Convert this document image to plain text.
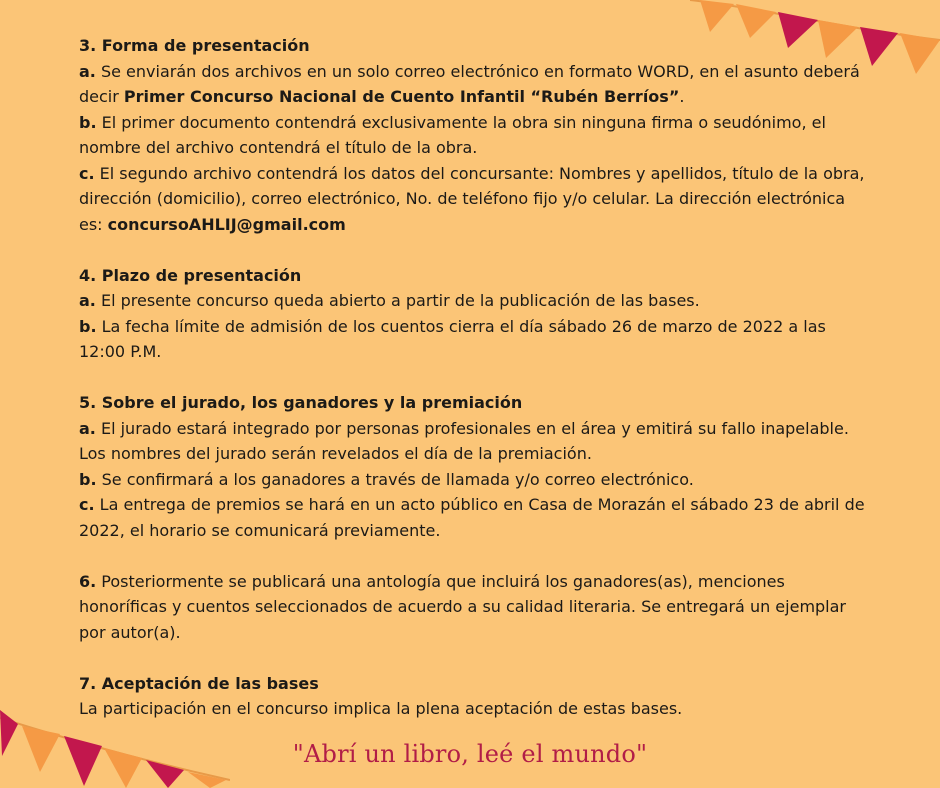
3. Forma de presentación

a. Se enviarán dos archivos en un solo correo electrónico en formato WORD, en el asunto deberá decir Primer Concurso Nacional de Cuento Infantil “Rubén Berríos”.

b. El primer documento contendrá exclusivamente la obra sin ninguna firma o seudónimo, el nombre del archivo contendrá el título de la obra.

c. El segundo archivo contendrá los datos del concursante: Nombres y apellidos, título de la obra, dirección (domicilio), correo electrónico, No. de teléfono fijo y/o celular. La dirección electrónica es: concursoAHLIJ@gmail.com

4. Plazo de presentación

a. El presente concurso queda abierto a partir de la publicación de las bases.

b. La fecha límite de admisión de los cuentos cierra el día sábado 26 de marzo de 2022 a las 12:00 P.M.

5. Sobre el jurado, los ganadores y la premiación

a. El jurado estará integrado por personas profesionales en el área y emitirá su fallo inapelable. Los nombres del jurado serán revelados el día de la premiación.

b. Se confirmará a los ganadores a través de llamada y/o correo electrónico.

c. La entrega de premios se hará en un acto público en Casa de Morazán el sábado 23 de abril de 2022, el horario se comunicará previamente.

6. Posteriormente se publicará una antología que incluirá los ganadores(as), menciones honoríficas y cuentos seleccionados de acuerdo a su calidad literaria. Se entregará un ejemplar por autor(a).

7. Aceptación de las bases

La participación en el concurso implica la plena aceptación de estas bases.

"Abrí un libro, leé el mundo"
